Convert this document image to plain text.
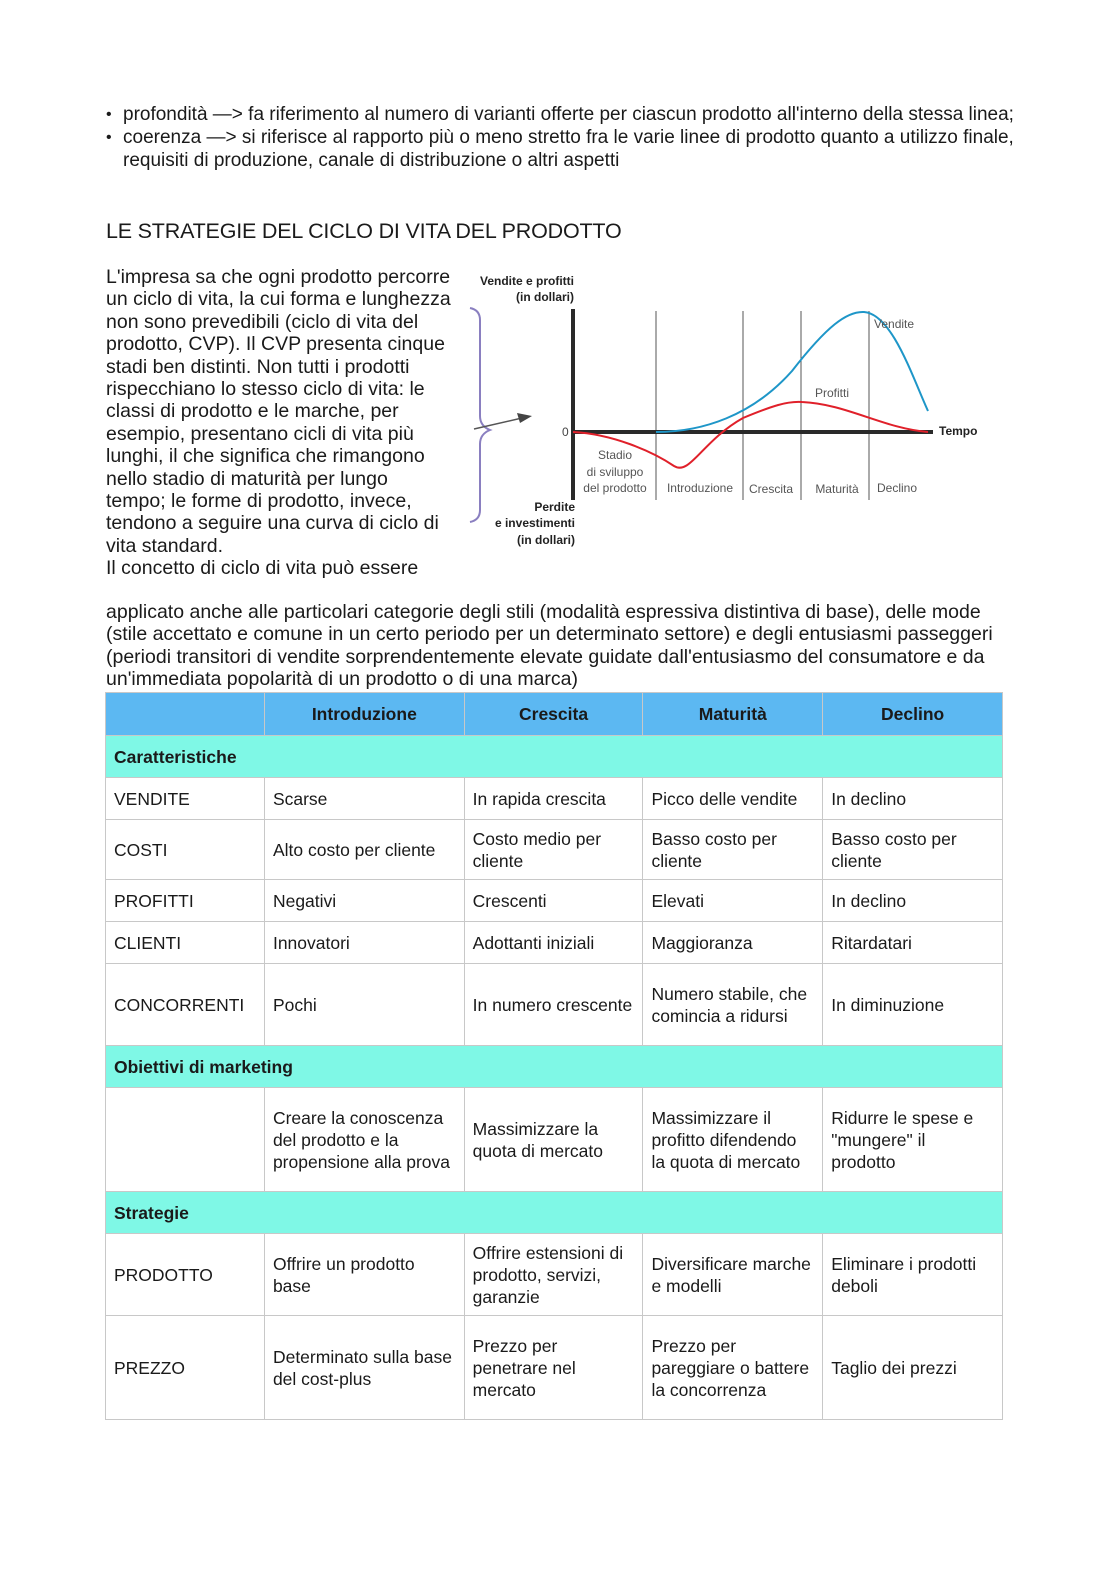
• profondità —> fa riferimento al numero di varianti offerte per ciascun prodotto all'interno della stessa linea;
• coerenza —> si riferisce al rapporto più o meno stretto fra le varie linee di prodotto quanto a utilizzo finale, requisiti di produzione, canale di distribuzione o altri aspetti
LE STRATEGIE DEL CICLO DI VITA DEL PRODOTTO

L'impresa sa che ogni prodotto percorre un ciclo di vita, la cui forma e lunghezza non sono prevedibili (ciclo di vita del prodotto, CVP). Il CVP presenta cinque stadi ben distinti. Non tutti i prodotti rispecchiano lo stesso ciclo di vita: le classi di prodotto e le marche, per esempio, presentano cicli di vita più lunghi, il che significa che rimangono nello stadio di maturità per lungo tempo; le forme di prodotto, invece, tendono a seguire una curva di ciclo di vita standard.
Il concetto di ciclo di vita può essere

applicato anche alle particolari categorie degli stili (modalità espressiva distintiva di base), delle mode (stile accettato e comune in un certo periodo per un determinato settore) e degli entusiasmi passeggeri (periodi transitori di vendite sorprendentemente elevate guidate dall'entusiasmo del consumatore e da un'immediata popolarità di un prodotto o di una marca)

Vendite e profitti
(in dollari)
Perdite
e investimenti
(in dollari)
0	Tempo
Vendite
Profitti
Stadio
di sviluppo
del prodotto Introduzione Crescita Maturità Declino
	Introduzione	Crescita	Maturità	Declino
Caratteristiche				
VENDITE	Scarse	In rapida crescita	Picco delle vendite	In declino
COSTI	Alto costo per cliente	Costo medio per cliente	Basso costo per cliente	Basso costo per cliente
PROFITTI	Negativi	Crescenti	Elevati	In declino
CLIENTI	Innovatori	Adottanti iniziali	Maggioranza	Ritardatari
CONCORRENTI	Pochi	In numero crescente	Numero stabile, che comincia a ridursi	In diminuzione
Obiettivi di marketing				
	Creare la conoscenza del prodotto e la propensione alla prova	Massimizzare la quota di mercato	Massimizzare il profitto difendendo la quota di mercato	Ridurre le spese e "mungere" il prodotto
Strategie				
PRODOTTO	Offrire un prodotto base	Offrire estensioni di prodotto, servizi, garanzie	Diversificare marche e modelli	Eliminare i prodotti deboli
PREZZO	Determinato sulla base del cost-plus	Prezzo per penetrare nel mercato	Prezzo per pareggiare o battere la concorrenza	Taglio dei prezzi
